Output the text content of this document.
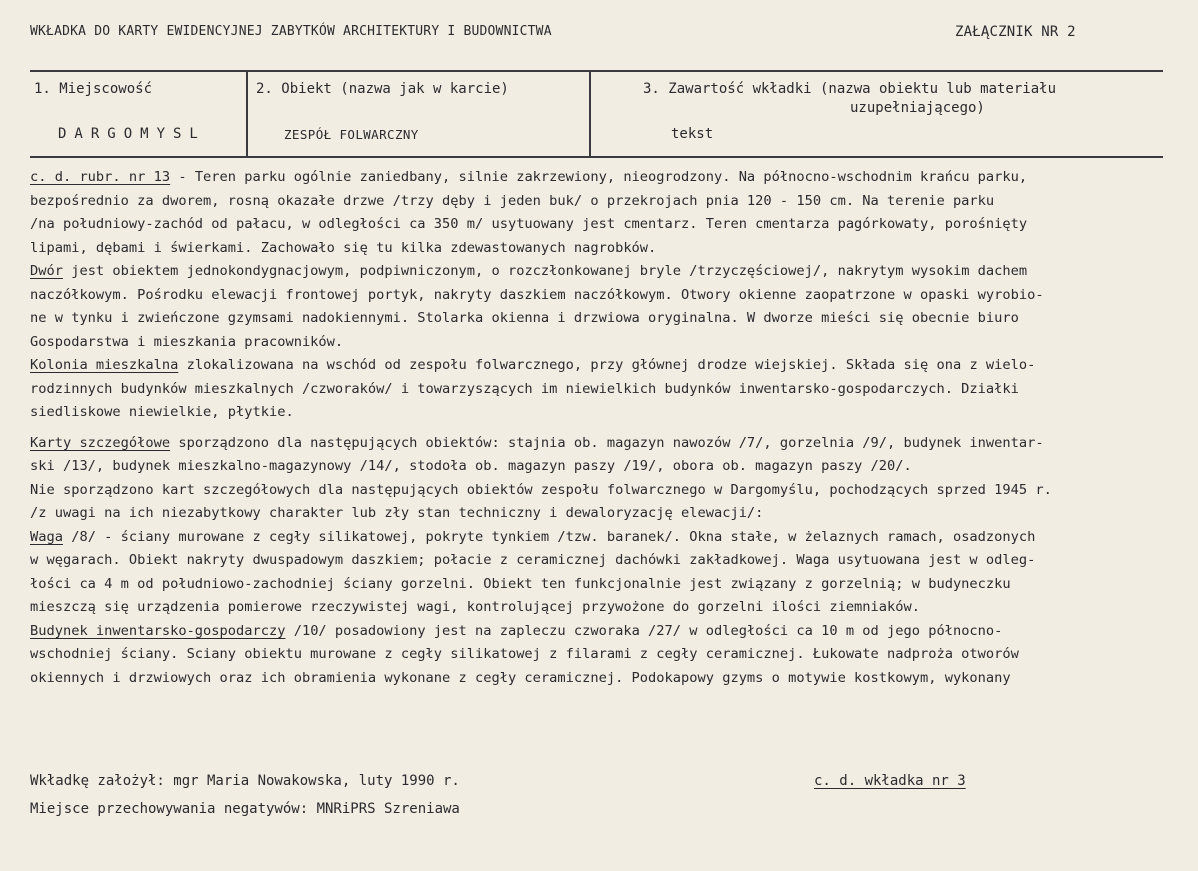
WKŁADKA DO KARTY EWIDENCYJNEJ ZABYTKÓW ARCHITEKTURY I BUDOWNICTWA	ZAŁĄCZNIK NR 2
1. Miejscowość
DARGOMYSL
2. Obiekt (nazwa jak w karcie)
ZESPÓŁ FOLWARCZNY
3. Zawartość wkładki (nazwa obiektu lub materiału
uzupełniającego)
tekst
c. d. rubr. nr 13 - Teren parku ogólnie zaniedbany, silnie zakrzewiony, nieogrodzony. Na północno-wschodnim krańcu parku,
bezpośrednio za dworem, rosną okazałe drzwe /trzy dęby i jeden buk/ o przekrojach pnia 120 - 150 cm. Na terenie parku
/na południowy-zachód od pałacu, w odległości ca 350 m/ usytuowany jest cmentarz. Teren cmentarza pagórkowaty, porośnięty
lipami, dębami i świerkami. Zachowało się tu kilka zdewastowanych nagrobków.
Dwór jest obiektem jednokondygnacjowym, podpiwniczonym, o rozczłonkowanej bryle /trzyczęściowej/, nakrytym wysokim dachem
naczółkowym. Pośrodku elewacji frontowej portyk, nakryty daszkiem naczółkowym. Otwory okienne zaopatrzone w opaski wyrobio-
ne w tynku i zwieńczone gzymsami nadokiennymi. Stolarka okienna i drzwiowa oryginalna. W dworze mieści się obecnie biuro
Gospodarstwa i mieszkania pracowników.
Kolonia mieszkalna zlokalizowana na wschód od zespołu folwarcznego, przy głównej drodze wiejskiej. Składa się ona z wielo-
rodzinnych budynków mieszkalnych /czworaków/ i towarzyszących im niewielkich budynków inwentarsko-gospodarczych. Działki
siedliskowe niewielkie, płytkie.
Karty szczegółowe sporządzono dla następujących obiektów: stajnia ob. magazyn nawozów /7/, gorzelnia /9/, budynek inwentar-
ski /13/, budynek mieszkalno-magazynowy /14/, stodoła ob. magazyn paszy /19/, obora ob. magazyn paszy /20/.
Nie sporządzono kart szczegółowych dla następujących obiektów zespołu folwarcznego w Dargomyślu, pochodzących sprzed 1945 r.
/z uwagi na ich niezabytkowy charakter lub zły stan techniczny i dewaloryzację elewacji/:
Waga /8/ - ściany murowane z cegły silikatowej, pokryte tynkiem /tzw. baranek/. Okna stałe, w żelaznych ramach, osadzonych
w węgarach. Obiekt nakryty dwuspadowym daszkiem; połacie z ceramicznej dachówki zakładkowej. Waga usytuowana jest w odleg-
łości ca 4 m od południowo-zachodniej ściany gorzelni. Obiekt ten funkcjonalnie jest związany z gorzelnią; w budyneczku
mieszczą się urządzenia pomierowe rzeczywistej wagi, kontrolującej przywożone do gorzelni ilości ziemniaków.
Budynek inwentarsko-gospodarczy /10/ posadowiony jest na zapleczu czworaka /27/ w odległości ca 10 m od jego północno-
wschodniej ściany. Sciany obiektu murowane z cegły silikatowej z filarami z cegły ceramicznej. Łukowate nadproża otworów
okiennych i drzwiowych oraz ich obramienia wykonane z cegły ceramicznej. Podokapowy gzyms o motywie kostkowym, wykonany
Wkładkę założył: mgr Maria Nowakowska, luty 1990 r.	c. d. wkładka nr 3
Miejsce przechowywania negatywów: MNRiPRS Szreniawa
